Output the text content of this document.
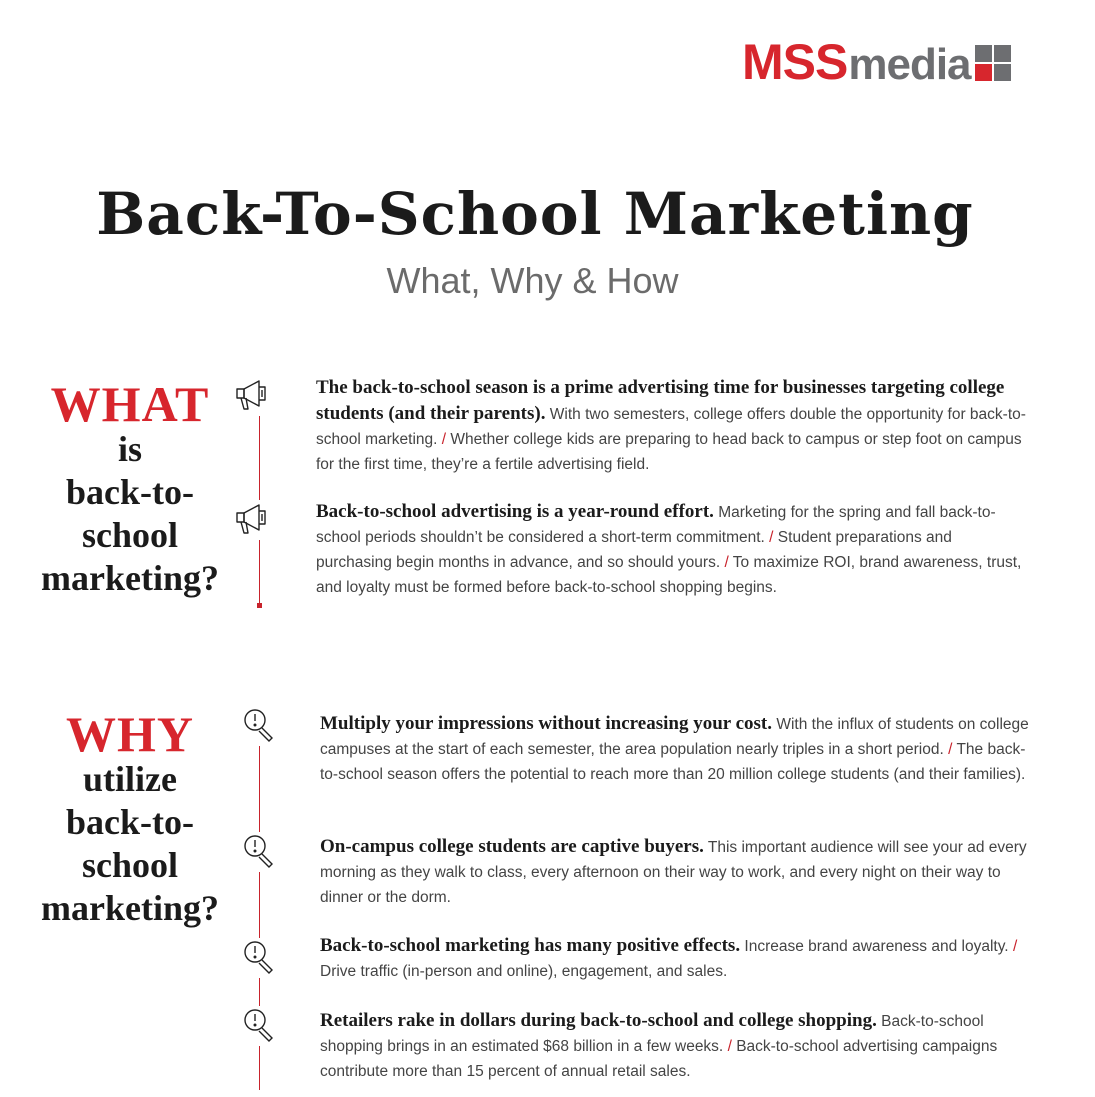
MSS media
Back-To-School Marketing

What, Why & How

WHAT
is
back-to-
school
marketing?
The back-to-school season is a prime advertising time for businesses targeting college students (and their parents). With two semesters, college offers double the opportunity for back-to-school marketing. / Whether college kids are preparing to head back to campus or step foot on campus for the first time, they’re a fertile advertising field.
Back-to-school advertising is a year-round effort. Marketing for the spring and fall back-to-school periods shouldn’t be considered a short-term commitment. / Student preparations and purchasing begin months in advance, and so should yours. / To maximize ROI, brand awareness, trust, and loyalty must be formed before back-to-school shopping begins.
WHY
utilize
back-to-
school
marketing?
Multiply your impressions without increasing your cost. With the influx of students on college campuses at the start of each semester, the area population nearly triples in a short period. / The back-to-school season offers the potential to reach more than 20 million college students (and their families).
On-campus college students are captive buyers. This important audience will see your ad every morning as they walk to class, every afternoon on their way to work, and every night on their way to dinner or the dorm.
Back-to-school marketing has many positive effects. Increase brand awareness and loyalty. / Drive traffic (in-person and online), engagement, and sales.
Retailers rake in dollars during back-to-school and college shopping. Back-to-school shopping brings in an estimated $68 billion in a few weeks. / Back-to-school advertising campaigns contribute more than 15 percent of annual retail sales.
